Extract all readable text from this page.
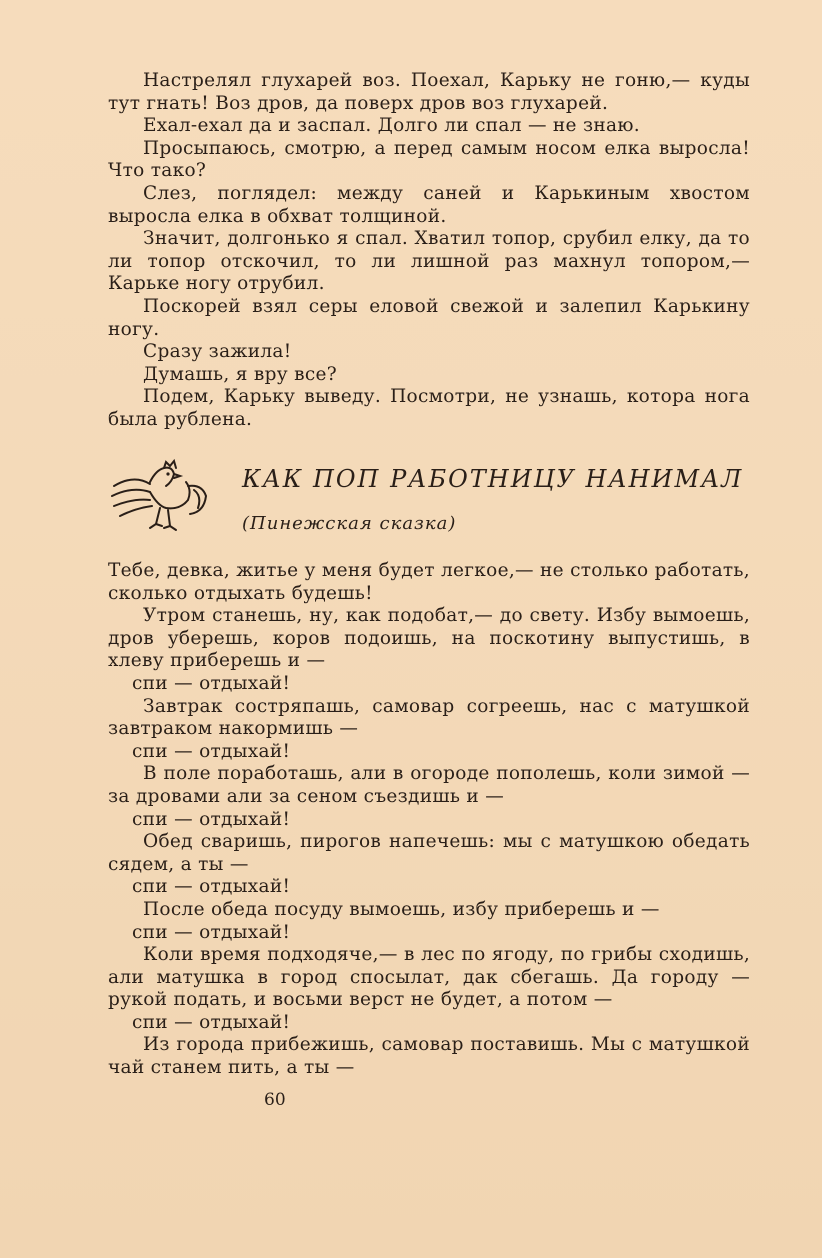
Настрелял глухарей воз. Поехал, Карьку не гоню,— куды тут гнать! Воз дров, да поверх дров воз глухарей.

Ехал-ехал да и заспал. Долго ли спал — не знаю.

Просыпаюсь, смотрю, а перед самым носом елка выросла! Что тако?

Слез, поглядел: между саней и Карькиным хвостом выросла елка в обхват толщиной.

Значит, долгонько я спал. Хватил топор, срубил елку, да то ли топор отскочил, то ли лишной раз махнул топором,— Карьке ногу отрубил.

Поскорей взял серы еловой свежой и залепил Карькину ногу.

Сразу зажила!

Думашь, я вру все?

Подем, Карьку выведу. Посмотри, не узнашь, котора нога была рублена.

КАК ПОП РАБОТНИЦУ НАНИМАЛ
(Пинежская сказка)

Тебе, девка, житье у меня будет легкое,— не столько работать, сколько отдыхать будешь!

Утром станешь, ну, как подобат,— до свету. Избу вымоешь, дров уберешь, коров подоишь, на поскотину выпустишь, в хлеву приберешь и —

спи — отдыхай!

Завтрак состряпашь, самовар согреешь, нас с матушкой завтраком накормишь —

спи — отдыхай!

В поле поработашь, али в огороде пополешь, коли зимой — за дровами али за сеном съездишь и —

спи — отдыхай!

Обед сваришь, пирогов напечешь: мы с матушкою обедать сядем, а ты —

спи — отдыхай!

После обеда посуду вымоешь, избу приберешь и —

спи — отдыхай!

Коли время подходяче,— в лес по ягоду, по грибы сходишь, али матушка в город спосылат, дак сбегашь. Да городу — рукой подать, и восьми верст не будет, а потом —

спи — отдыхай!

Из города прибежишь, самовар поставишь. Мы с матушкой чай станем пить, а ты —

60
